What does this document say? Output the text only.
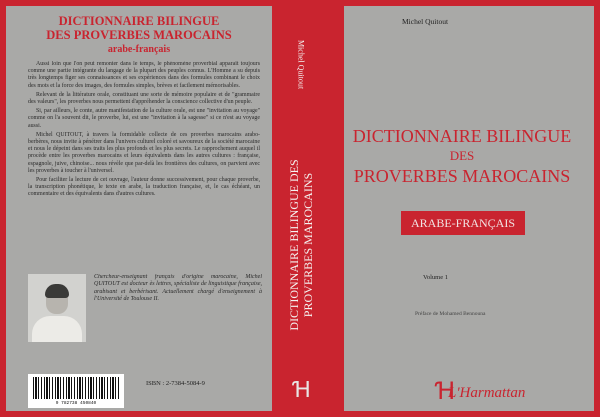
DICTIONNAIRE BILINGUE
DES PROVERBES MAROCAINS
arabe-français

Aussi loin que l'on peut remonter dans le temps, le phénomène proverbial apparaît toujours comme une partie intégrante du langage de la plupart des peuples connus. L'Homme a su depuis très longtemps figer ses connaissances et ses expériences dans des formules combinant le choix des mots et la force des images, des formules simples, brèves et facilement mémorisables.

Relevant de la littérature orale, constituant une sorte de mémoire populaire et de "grammaire des valeurs", les proverbes nous permettent d'appréhender la conscience collective d'un peuple.

Si, par ailleurs, le conte, autre manifestation de la culture orale, est une "invitation au voyage" comme on l'a souvent dit, le proverbe, lui, est une "invitation à la sagesse" si ce n'est au voyage aussi.

Michel QUITOUT, à travers la formidable collecte de ces proverbes marocains arabo-berbères, nous invite à pénétrer dans l'univers culturel coloré et savoureux de la société marocaine et nous le dépeint dans ses traits les plus profonds et les plus secrets. Le rapprochement auquel il procède entre les proverbes marocains et leurs équivalents dans les autres cultures : française, espagnole, juive, chinoise... nous révèle que par-delà les frontières des cultures, on parvient avec les proverbes à toucher à l'universel.

Pour faciliter la lecture de cet ouvrage, l'auteur donne successivement, pour chaque proverbe, la transcription phonétique, le texte en arabe, la traduction française, et, le cas échéant, un commentaire et des équivalents dans d'autres cultures.

Chercheur-enseignant français d'origine marocaine, Michel QUITOUT est docteur ès lettres, spécialiste de linguistique française, arabisant et berbérisant. Actuellement chargé d'enseignement à l'Université de Toulouse II.
9 782738 450840
ISBN : 2-7384-5084-9
Michel Quitout
DICTIONNAIRE BILINGUE DES PROVERBES MAROCAINS
Ɦ
Michel Quitout
DICTIONNAIRE BILINGUE
DES
PROVERBES MAROCAINS
ARABE-FRANÇAIS
Volume 1
Préface de Mohamed Bennouna
Ɦ
L'Harmattan
